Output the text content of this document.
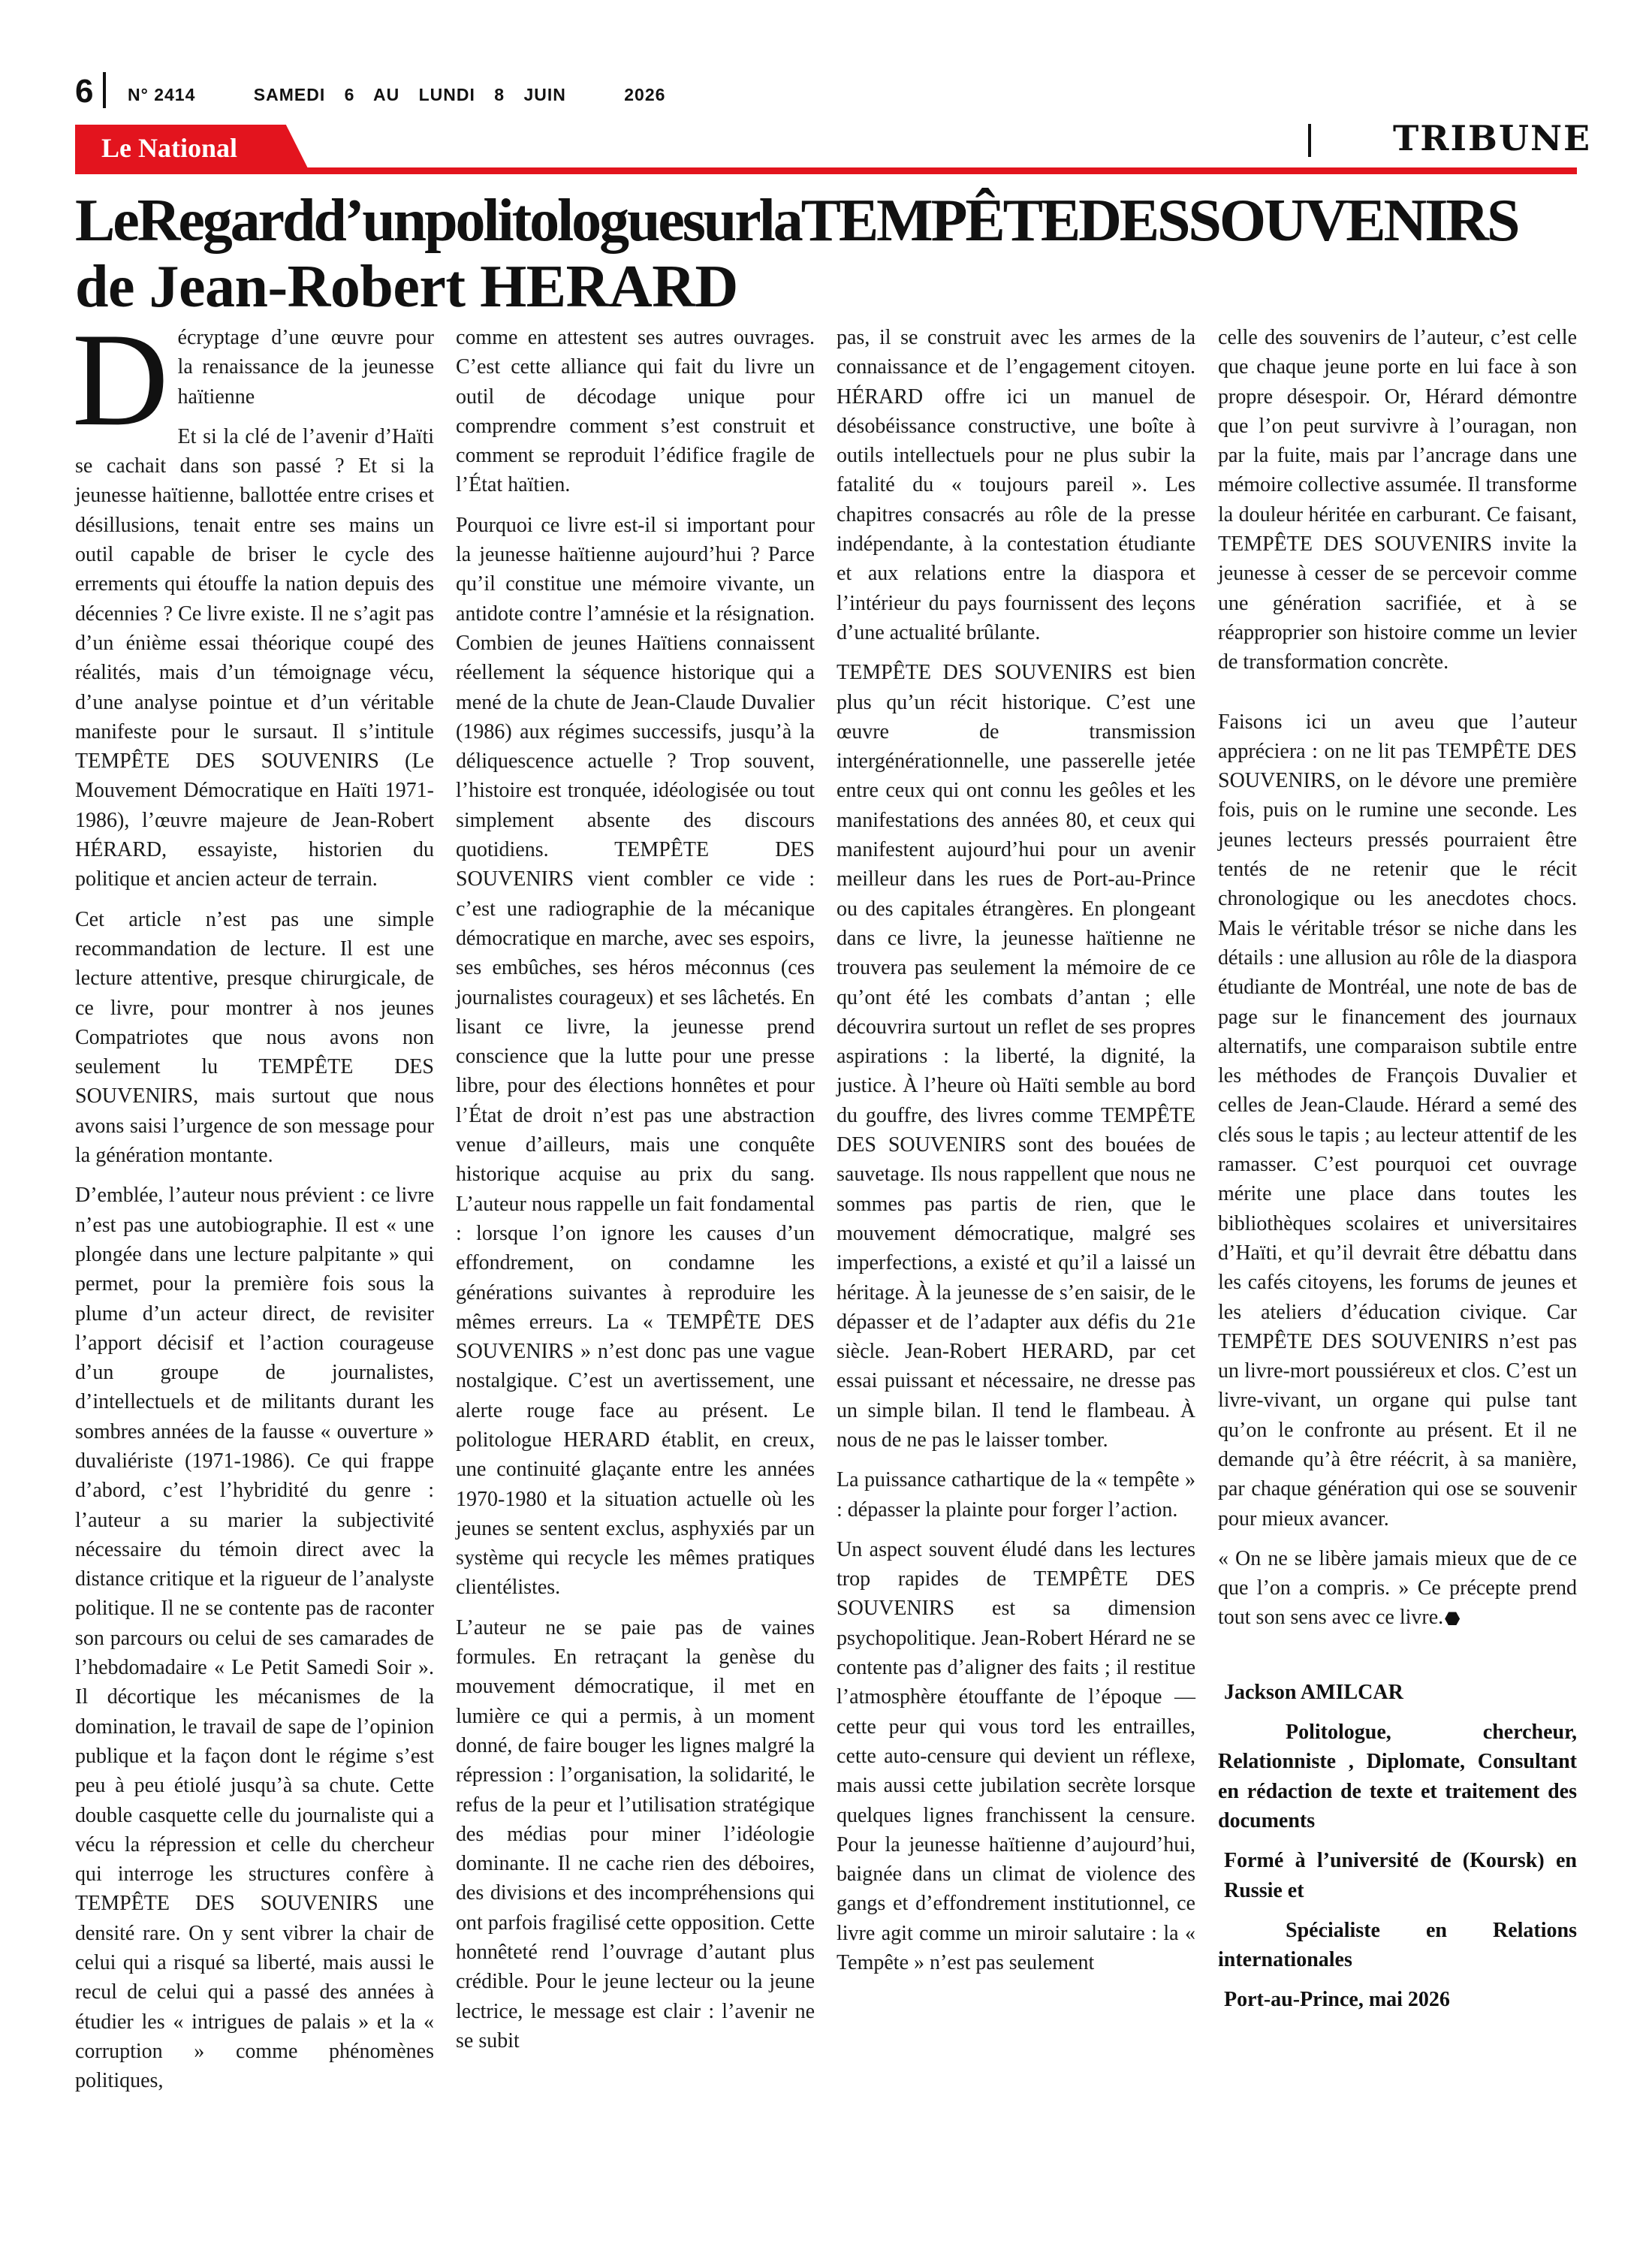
6 N° 2414	SAMEDI 6 AU LUNDI 8 JUIN	2026
Le National	TRIBUNE
LeRegardd’unpolitologuesurlaTEMPÊTEDESSOUVENIRS
de Jean-Robert HERARD

Décryptage d’une œuvre pour la renaissance de la jeunesse haïtienne

Et si la clé de l’avenir d’Haïti se cachait dans son passé ? Et si la jeunesse haïtienne, ballottée entre crises et désillusions, tenait entre ses mains un outil capable de briser le cycle des errements qui étouffe la nation depuis des décennies ? Ce livre existe. Il ne s’agit pas d’un énième essai théorique coupé des réalités, mais d’un témoignage vécu, d’une analyse pointue et d’un véritable manifeste pour le sursaut. Il s’intitule TEMPÊTE DES SOUVENIRS (Le Mouvement Démocratique en Haïti 1971-1986), l’œuvre majeure de Jean-Robert HÉRARD, essayiste, historien du politique et ancien acteur de terrain.

Cet article n’est pas une simple recommandation de lecture. Il est une lecture attentive, presque chirurgicale, de ce livre, pour montrer à nos jeunes Compatriotes que nous avons non seulement lu TEMPÊTE DES SOUVENIRS, mais surtout que nous avons saisi l’urgence de son message pour la génération montante.

D’emblée, l’auteur nous prévient : ce livre n’est pas une autobiographie. Il est « une plongée dans une lecture palpitante » qui permet, pour la première fois sous la plume d’un acteur direct, de revisiter l’apport décisif et l’action courageuse d’un groupe de journalistes, d’intellectuels et de militants durant les sombres années de la fausse « ouverture » duvaliériste (1971-1986). Ce qui frappe d’abord, c’est l’hybridité du genre : l’auteur a su marier la subjectivité nécessaire du témoin direct avec la distance critique et la rigueur de l’analyste politique. Il ne se contente pas de raconter son parcours ou celui de ses camarades de l’hebdomadaire « Le Petit Samedi Soir ». Il décortique les mécanismes de la domination, le travail de sape de l’opinion publique et la façon dont le régime s’est peu à peu étiolé jusqu’à sa chute. Cette double casquette celle du journaliste qui a vécu la répression et celle du chercheur qui interroge les structures confère à TEMPÊTE DES SOUVENIRS une densité rare. On y sent vibrer la chair de celui qui a risqué sa liberté, mais aussi le recul de celui qui a passé des années à étudier les « intrigues de palais » et la « corruption » comme phénomènes politiques,

comme en attestent ses autres ouvrages. C’est cette alliance qui fait du livre un outil de décodage unique pour comprendre comment s’est construit et comment se reproduit l’édifice fragile de l’État haïtien.

Pourquoi ce livre est-il si important pour la jeunesse haïtienne aujourd’hui ? Parce qu’il constitue une mémoire vivante, un antidote contre l’amnésie et la résignation. Combien de jeunes Haïtiens connaissent réellement la séquence historique qui a mené de la chute de Jean-Claude Duvalier (1986) aux régimes successifs, jusqu’à la déliquescence actuelle ? Trop souvent, l’histoire est tronquée, idéologisée ou tout simplement absente des discours quotidiens. TEMPÊTE DES SOUVENIRS vient combler ce vide : c’est une radiographie de la mécanique démocratique en marche, avec ses espoirs, ses embûches, ses héros méconnus (ces journalistes courageux) et ses lâchetés. En lisant ce livre, la jeunesse prend conscience que la lutte pour une presse libre, pour des élections honnêtes et pour l’État de droit n’est pas une abstraction venue d’ailleurs, mais une conquête historique acquise au prix du sang. L’auteur nous rappelle un fait fondamental : lorsque l’on ignore les causes d’un effondrement, on condamne les générations suivantes à reproduire les mêmes erreurs. La « TEMPÊTE DES SOUVENIRS » n’est donc pas une vague nostalgique. C’est un avertissement, une alerte rouge face au présent. Le politologue HERARD établit, en creux, une continuité glaçante entre les années 1970-1980 et la situation actuelle où les jeunes se sentent exclus, asphyxiés par un système qui recycle les mêmes pratiques clientélistes.

L’auteur ne se paie pas de vaines formules. En retraçant la genèse du mouvement démocratique, il met en lumière ce qui a permis, à un moment donné, de faire bouger les lignes malgré la répression : l’organisation, la solidarité, le refus de la peur et l’utilisation stratégique des médias pour miner l’idéologie dominante. Il ne cache rien des déboires, des divisions et des incompréhensions qui ont parfois fragilisé cette opposition. Cette honnêteté rend l’ouvrage d’autant plus crédible. Pour le jeune lecteur ou la jeune lectrice, le message est clair : l’avenir ne se subit

pas, il se construit avec les armes de la connaissance et de l’engagement citoyen. HÉRARD offre ici un manuel de désobéissance constructive, une boîte à outils intellectuels pour ne plus subir la fatalité du « toujours pareil ». Les chapitres consacrés au rôle de la presse indépendante, à la contestation étudiante et aux relations entre la diaspora et l’intérieur du pays fournissent des leçons d’une actualité brûlante.

TEMPÊTE DES SOUVENIRS est bien plus qu’un récit historique. C’est une œuvre de transmission intergénérationnelle, une passerelle jetée entre ceux qui ont connu les geôles et les manifestations des années 80, et ceux qui manifestent aujourd’hui pour un avenir meilleur dans les rues de Port-au-Prince ou des capitales étrangères. En plongeant dans ce livre, la jeunesse haïtienne ne trouvera pas seulement la mémoire de ce qu’ont été les combats d’antan ; elle découvrira surtout un reflet de ses propres aspirations : la liberté, la dignité, la justice. À l’heure où Haïti semble au bord du gouffre, des livres comme TEMPÊTE DES SOUVENIRS sont des bouées de sauvetage. Ils nous rappellent que nous ne sommes pas partis de rien, que le mouvement démocratique, malgré ses imperfections, a existé et qu’il a laissé un héritage. À la jeunesse de s’en saisir, de le dépasser et de l’adapter aux défis du 21e siècle. Jean-Robert HERARD, par cet essai puissant et nécessaire, ne dresse pas un simple bilan. Il tend le flambeau. À nous de ne pas le laisser tomber.

La puissance cathartique de la « tempête » : dépasser la plainte pour forger l’action.

Un aspect souvent éludé dans les lectures trop rapides de TEMPÊTE DES SOUVENIRS est sa dimension psychopolitique. Jean-Robert Hérard ne se contente pas d’aligner des faits ; il restitue l’atmosphère étouffante de l’époque — cette peur qui vous tord les entrailles, cette auto-censure qui devient un réflexe, mais aussi cette jubilation secrète lorsque quelques lignes franchissent la censure. Pour la jeunesse haïtienne d’aujourd’hui, baignée dans un climat de violence des gangs et d’effondrement institutionnel, ce livre agit comme un miroir salutaire : la « Tempête » n’est pas seulement

celle des souvenirs de l’auteur, c’est celle que chaque jeune porte en lui face à son propre désespoir. Or, Hérard démontre que l’on peut survivre à l’ouragan, non par la fuite, mais par l’ancrage dans une mémoire collective assumée. Il transforme la douleur héritée en carburant. Ce faisant, TEMPÊTE DES SOUVENIRS invite la jeunesse à cesser de se percevoir comme une génération sacrifiée, et à se réapproprier son histoire comme un levier de transformation concrète.

Faisons ici un aveu que l’auteur appréciera : on ne lit pas TEMPÊTE DES SOUVENIRS, on le dévore une première fois, puis on le rumine une seconde. Les jeunes lecteurs pressés pourraient être tentés de ne retenir que le récit chronologique ou les anecdotes chocs. Mais le véritable trésor se niche dans les détails : une allusion au rôle de la diaspora étudiante de Montréal, une note de bas de page sur le financement des journaux alternatifs, une comparaison subtile entre les méthodes de François Duvalier et celles de Jean-Claude. Hérard a semé des clés sous le tapis ; au lecteur attentif de les ramasser. C’est pourquoi cet ouvrage mérite une place dans toutes les bibliothèques scolaires et universitaires d’Haïti, et qu’il devrait être débattu dans les cafés citoyens, les forums de jeunes et les ateliers d’éducation civique. Car TEMPÊTE DES SOUVENIRS n’est pas un livre-mort poussiéreux et clos. C’est un livre-vivant, un organe qui pulse tant qu’on le confronte au présent. Et il ne demande qu’à être réécrit, à sa manière, par chaque génération qui ose se souvenir pour mieux avancer.

« On ne se libère jamais mieux que de ce que l’on a compris. » Ce précepte prend tout son sens avec ce livre.

Jackson AMILCAR
Politologue, chercheur, Relationniste , Diplomate, Consultant en rédaction de texte et traitement des documents
Formé à l’université de (Koursk) en Russie et
Spécialiste en Relations internationales
Port-au-Prince, mai 2026
